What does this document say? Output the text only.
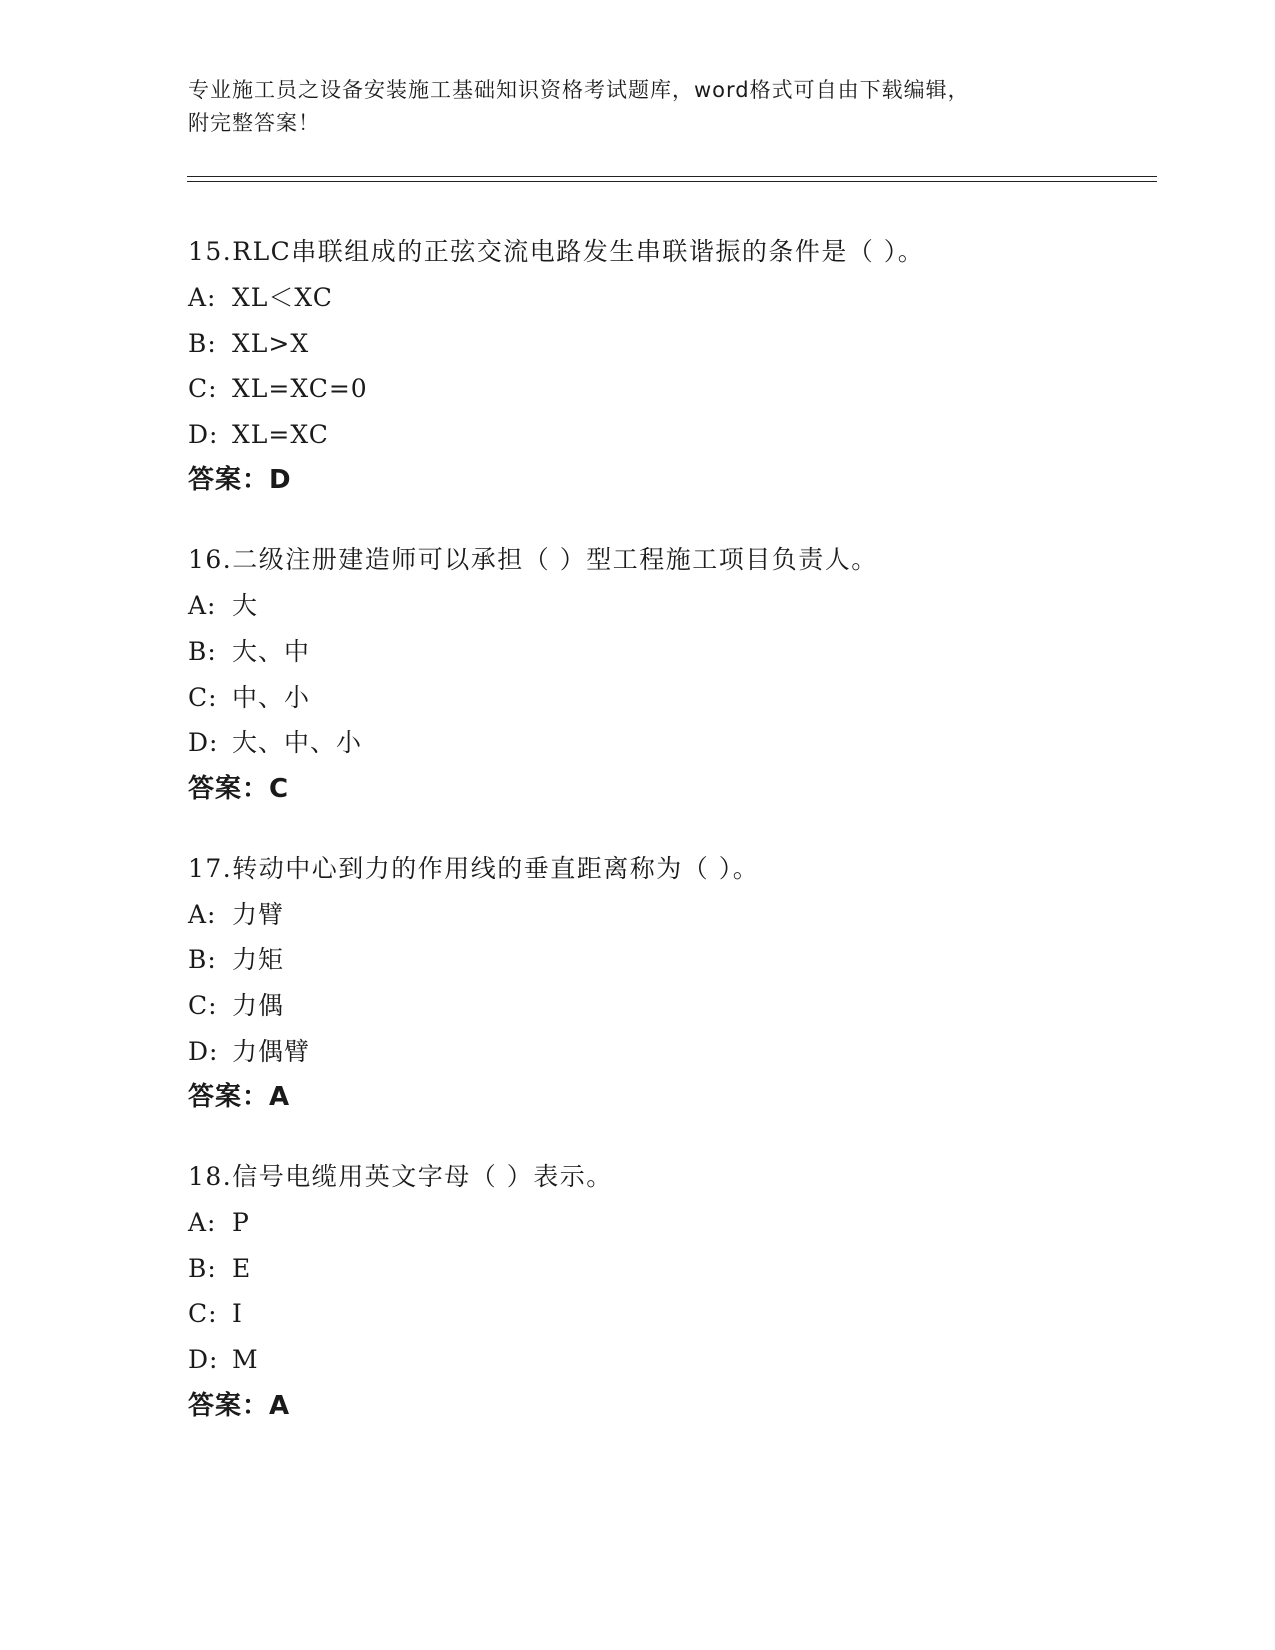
专业施工员之设备安装施工基础知识资格考试题库，word格式可自由下载编辑，
附完整答案！
15.RLC串联组成的正弦交流电路发生串联谐振的条件是（ ）。
A: XL＜XC
B: XL>X
C: XL=XC=0
D: XL=XC
答案：D
16.二级注册建造师可以承担（ ）型工程施工项目负责人。
A: 大
B: 大、中
C: 中、小
D: 大、中、小
答案：C
17.转动中心到力的作用线的垂直距离称为（ ）。
A: 力臂
B: 力矩
C: 力偶
D: 力偶臂
答案：A
18.信号电缆用英文字母（ ）表示。
A: P
B: E
C: I
D: M
答案：A
